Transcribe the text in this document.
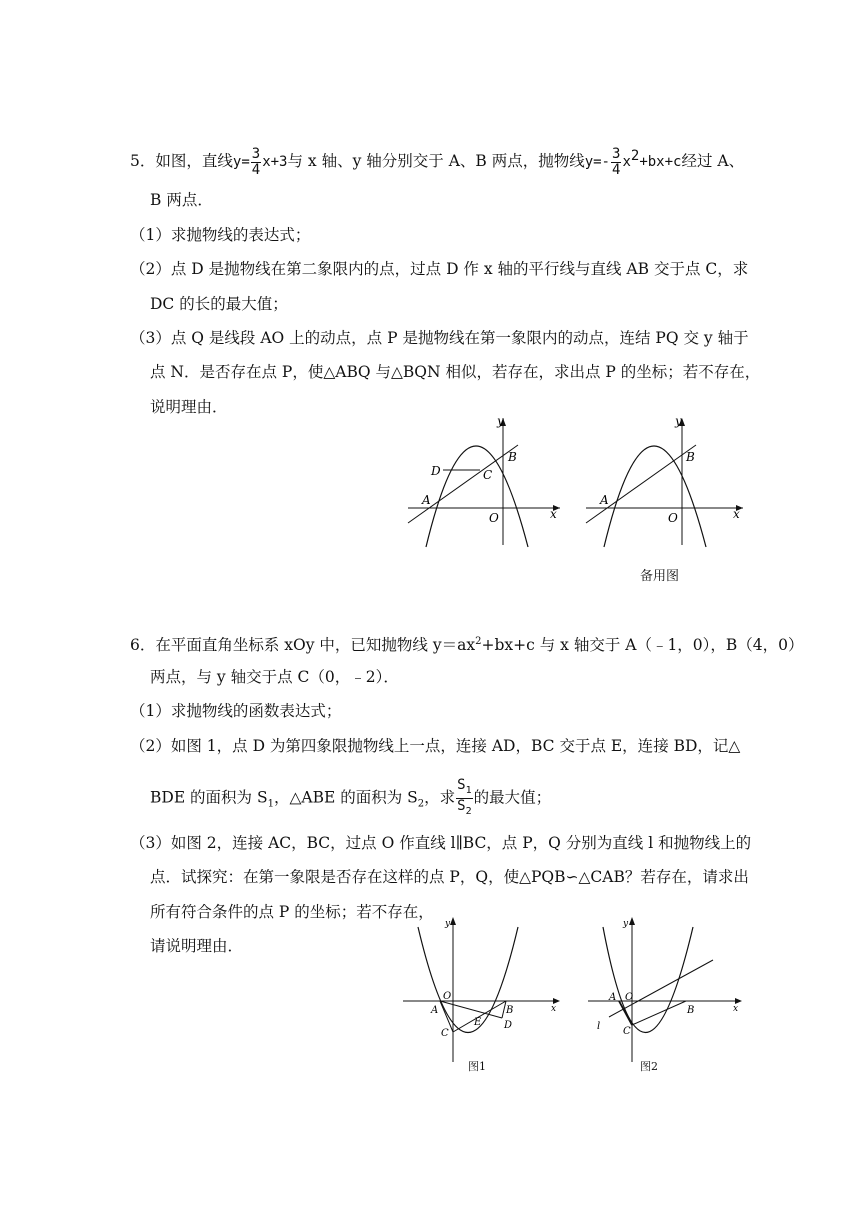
5．如图，直线$y= \frac{3}{4} x+3$与 x 轴、y 轴分别交于 A、B 两点，抛物线$y=- \frac{3}{4} x^2+bx+c$经过 A、
B 两点．
（1）求抛物线的表达式；
（2）点 D 是抛物线在第二象限内的点，过点 D 作 x 轴的平行线与直线 AB 交于点 C，求
DC 的长的最大值；
（3）点 Q 是线段 AO 上的动点，点 P 是抛物线在第一象限内的动点，连结 PQ 交 y 轴于
点 N．是否存在点 P，使△ABQ 与△BQN 相似，若存在，求出点 P 的坐标；若不存在，
说明理由．
y
x
A
B
C
D
O
y
x
A
B
O
备用图
6．在平面直角坐标系 xOy 中，已知抛物线 $y=ax^2+bx+c$ 与 x 轴交于 A（﹣1，0），B（4，0）
两点，与 y 轴交于点 C（0，﹣2）．
（1）求抛物线的函数表达式；
（2）如图 1，点 D 为第四象限抛物线上一点，连接 AD，BC 交于点 E，连接 BD，记△
BDE 的面积为 $S_1$，△ABE 的面积为 $S_2$，求 $\frac{S_1}{S_2}$ 的最大值；
（3）如图 2，连接 AC，BC，过点 O 作直线 l∥BC，点 P，Q 分别为直线 l 和抛物线上的
点．试探究：在第一象限是否存在这样的点 P，Q，使△PQB∽△CAB？若存在，请求出
所有符合条件的点 P 的坐标；若不存在，
请说明理由．
y
x
O
A	B
C
E D
图1
y
x
O
A
B
C
l
图2
